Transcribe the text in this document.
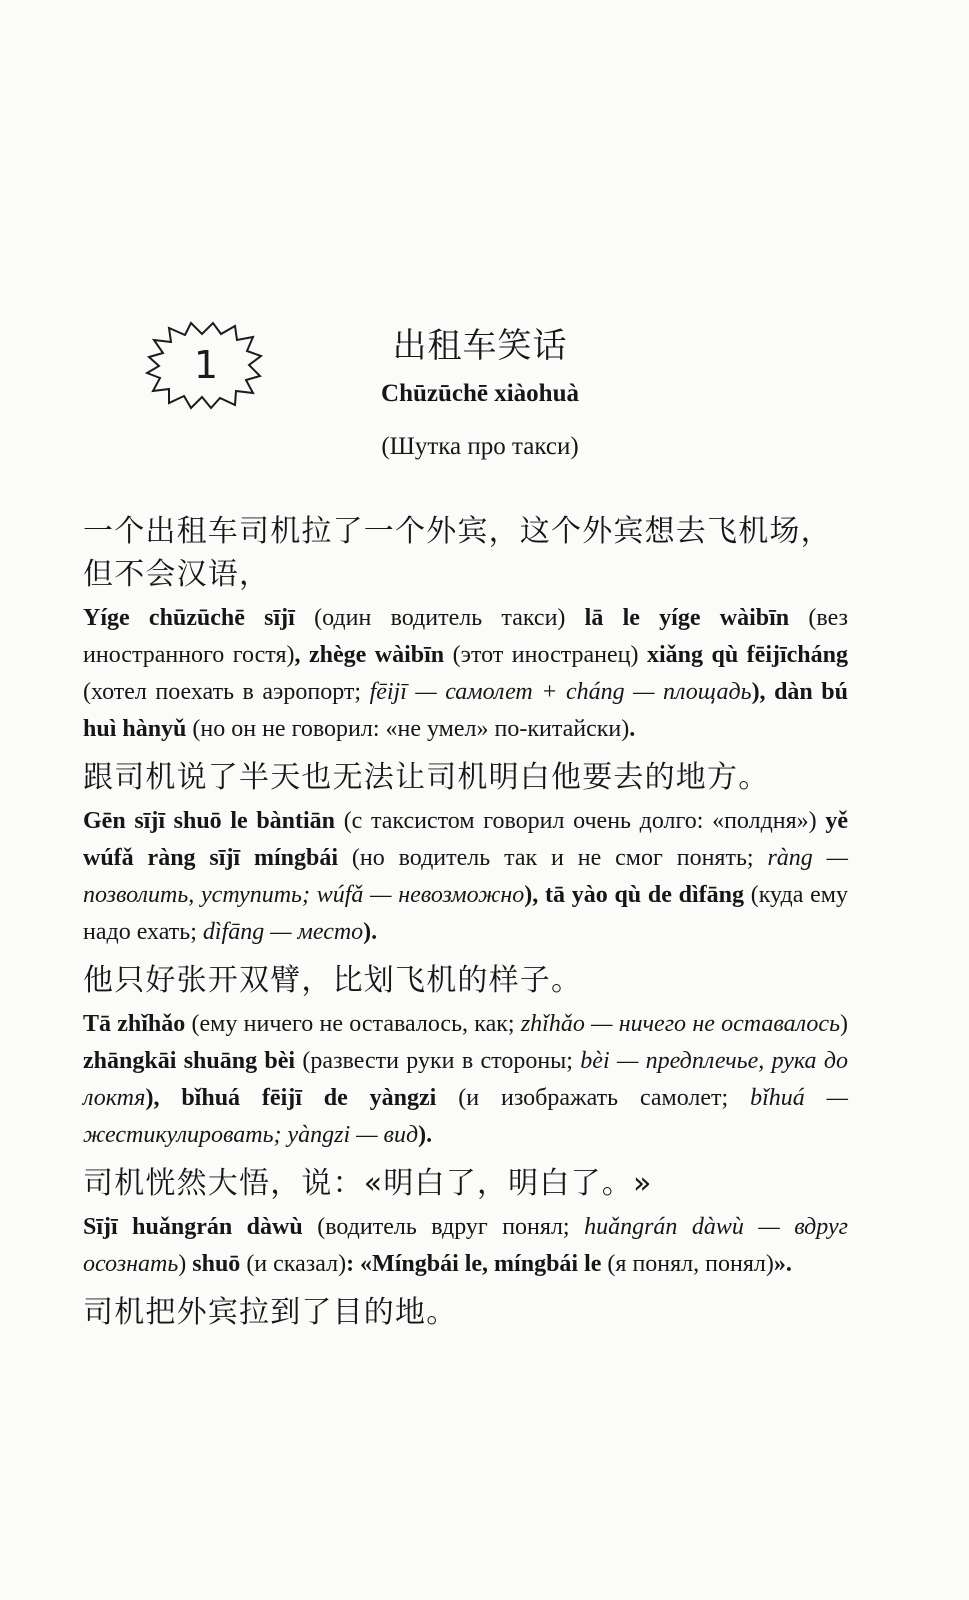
1	出租车笑话
Chūzūchē xiàohuà
(Шутка про такси)
一个出租车司机拉了一个外宾，这个外宾想去飞机场，但不会汉语，
Yíge chūzūchē sījī (один водитель такси) lā le yíge wàibīn (вез иностранного гостя), zhège wàibīn (этот иностранец) xiǎng qù fēijīcháng (хотел поехать в аэропорт; fēijī — самолет + cháng — площадь), dàn bú huì hànyǔ (но он не говорил: «не умел» по-китайски).
跟司机说了半天也无法让司机明白他要去的地方。
Gēn sījī shuō le bàntiān (с таксистом говорил очень долго: «полдня») yě wúfǎ ràng sījī míngbái (но водитель так и не смог понять; ràng — позволить, уступить; wúfǎ — невозможно), tā yào qù de dìfāng (куда ему надо ехать; dìfāng — место).
他只好张开双臂，比划飞机的样子。
Tā zhǐhǎo (ему ничего не оставалось, как; zhǐhǎo — ничего не оставалось) zhāngkāi shuāng bèi (развести руки в стороны; bèi — предплечье, рука до локтя), bǐhuá fēijī de yàngzi (и изображать самолет; bǐhuá — жестикулировать; yàngzi — вид).
司机恍然大悟，说：«明白了，明白了。»
Sījī huǎngrán dàwù (водитель вдруг понял; huǎngrán dàwù — вдруг осознать) shuō (и сказал): «Míngbái le, míngbái le (я понял, понял)».
司机把外宾拉到了目的地。
